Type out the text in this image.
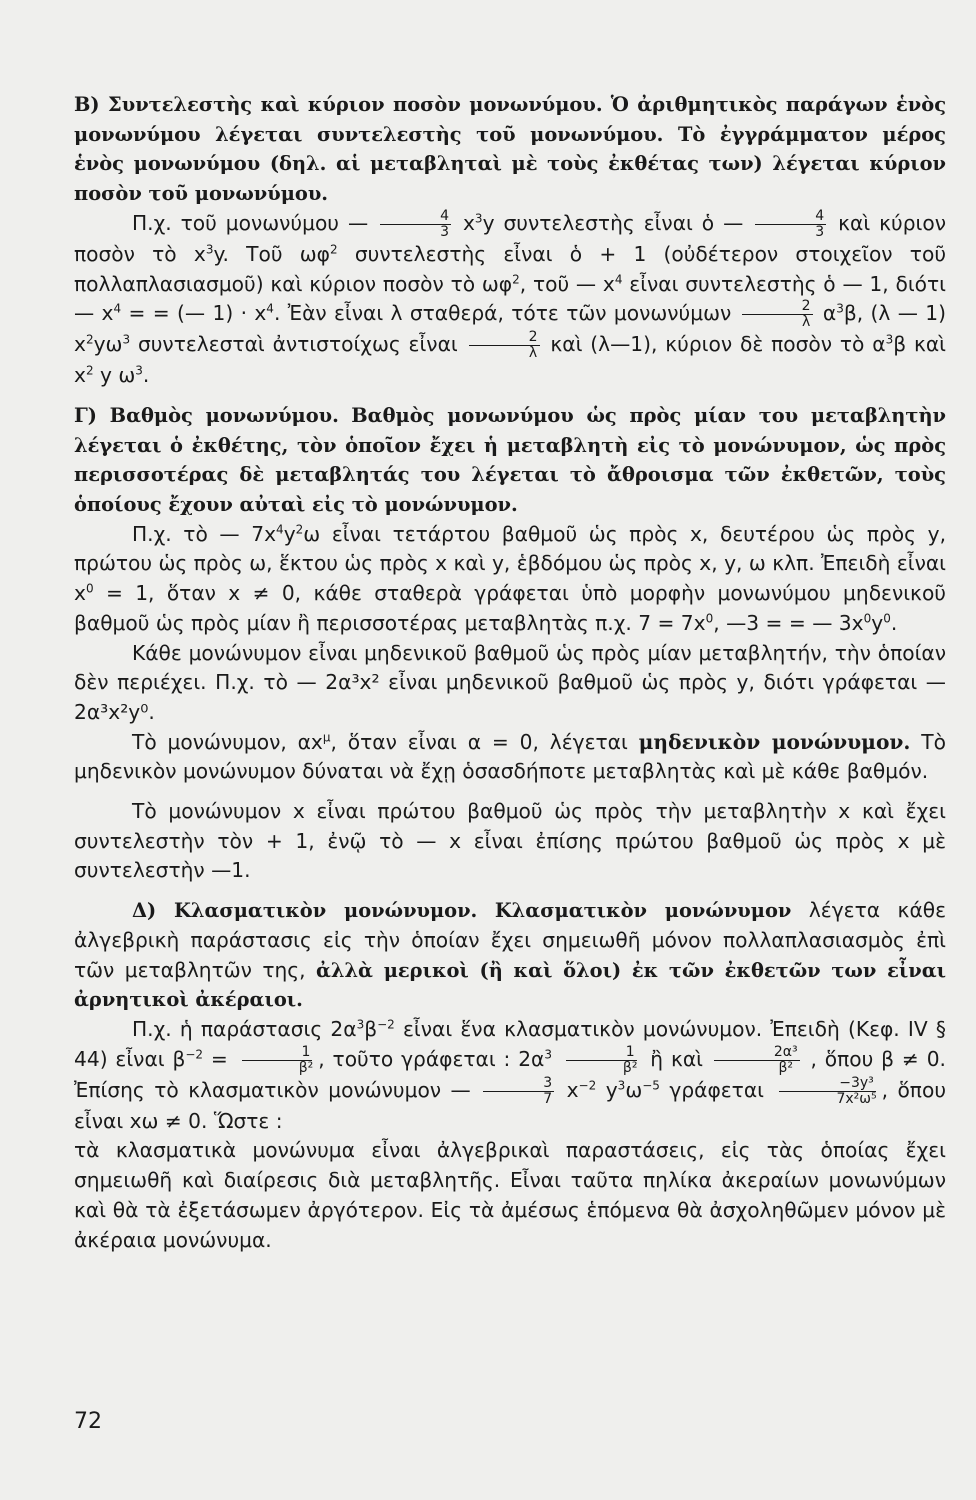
Β) Συντελεστὴς καὶ κύριον ποσὸν μονωνύμου. Ὁ ἀριθμητικὸς παράγων ἑνὸς μονωνύμου λέγεται συντελεστὴς τοῦ μονωνύμου. Τὸ ἐγγράμματον μέρος ἑνὸς μονωνύμου (δηλ. αἱ μεταβληταὶ μὲ τοὺς ἐκθέτας των) λέγεται κύριον ποσὸν τοῦ μονωνύμου.

Π.χ. τοῦ μονωνύμου — $\frac{4}{3} x^3y$ συντελεστὴς εἶναι ὁ — $\frac{4}{3}$ καὶ κύριον ποσὸν τὸ $x^3y$. Τοῦ $\omega\varphi^2$ συντελεστὴς εἶναι ὁ + 1 (οὐδέτερον στοιχεῖον τοῦ πολλαπλασιασμοῦ) καὶ κύριον ποσὸν τὸ $\omega\varphi^2$, τοῦ — $x^4$ εἶναι συντελεστὴς ὁ — 1, διότι — $x^4$ = = (— $1) \cdot x^4$. Ἐὰν εἶναι λ σταθερά, τότε τῶν μονωνύμων $\frac{2}{\lambda} \alpha^3\beta$, (λ — 1) $x^2y\omega^3$ συντελεσταὶ ἀντιστοίχως εἶναι $\frac{2}{\lambda}$ καὶ (λ—1), κύριον δὲ ποσὸν τὸ $\alpha^3\beta$ καὶ $x^2$ y $\omega^3$.

Γ) Βαθμὸς μονωνύμου. Βαθμὸς μονωνύμου ὡς πρὸς μίαν του μεταβλητὴν λέγεται ὁ ἐκθέτης, τὸν ὁποῖον ἔχει ἡ μεταβλητὴ εἰς τὸ μονώνυμον, ὡς πρὸς περισσοτέρας δὲ μεταβλητάς του λέγεται τὸ ἄθροισμα τῶν ἐκθετῶν, τοὺς ὁποίους ἔχουν αὐταὶ εἰς τὸ μονώνυμον.

Π.χ. τὸ — $7x^4y^2\omega$ εἶναι τετάρτου βαθμοῦ ὡς πρὸς x, δευτέρου ὡς πρὸς y, πρώτου ὡς πρὸς ω, ἕκτου ὡς πρὸς x καὶ y, ἑβδόμου ὡς πρὸς x, y, ω κλπ. Ἐπειδὴ εἶναι $x^0 = 1$, ὅταν x ≠ 0, κάθε σταθερὰ γράφεται ὑπὸ μορφὴν μονωνύμου μηδενικοῦ βαθμοῦ ὡς πρὸς μίαν ἢ περισσοτέρας μεταβλητὰς π.χ. $7 = 7x^0$, —3 = = — $3x^0y^0$.

Κάθε μονώνυμον εἶναι μηδενικοῦ βαθμοῦ ὡς πρὸς μίαν μεταβλητήν, τὴν ὁποίαν δὲν περιέχει. Π.χ. τὸ — 2α³x² εἶναι μηδενικοῦ βαθμοῦ ὡς πρὸς y, διότι γράφεται — 2α³x²y⁰.

Τὸ μονώνυμον, $\alpha x^\mu$, ὅταν εἶναι α = 0, λέγεται μηδενικὸν μονώνυμον. Τὸ μηδενικὸν μονώνυμον δύναται νὰ ἔχῃ ὁσασδήποτε μεταβλητὰς καὶ μὲ κάθε βαθμόν.

Τὸ μονώνυμον x εἶναι πρώτου βαθμοῦ ὡς πρὸς τὴν μεταβλητὴν x καὶ ἔχει συντελεστὴν τὸν + 1, ἐνῷ τὸ — x εἶναι ἐπίσης πρώτου βαθμοῦ ὡς πρὸς x μὲ συντελεστὴν —1.

Δ) Κλασματικὸν μονώνυμον. Κλασματικὸν μονώνυμον λέγετα κάθε ἀλγεβρικὴ παράστασις εἰς τὴν ὁποίαν ἔχει σημειωθῆ μόνον πολλαπλασιασμὸς ἐπὶ τῶν μεταβλητῶν της, ἀλλὰ μερικοὶ (ἢ καὶ ὅλοι) ἐκ τῶν ἐκθετῶν των εἶναι ἀρνητικοὶ ἀκέραιοι.

Π.χ. ἡ παράστασις $2\alpha^3\beta^{-2}$ εἶναι ἕνα κλασματικὸν μονώνυμον. Ἐπειδὴ (Κεφ. IV § 44) εἶναι $\beta^{-2} = \frac{1}{\text{β²}}$ , τοῦτο γράφεται : $2\alpha^3 \frac{1}{\text{β²}}$ ἢ καὶ $\frac{\text{2α³}}{\text{β²}}$ , ὅπου β ≠ 0. Ἐπίσης τὸ κλασματικὸν μονώνυμον — $\frac{3}{7} x^{-2}$ $y^3\omega^{-5}$ γράφεται $\frac{\text{−3y³}}{\text{7x²ω⁵}}$ , ὅπου εἶναι xω ≠ 0. Ὥστε :

τὰ κλασματικὰ μονώνυμα εἶναι ἀλγεβρικαὶ παραστάσεις, εἰς τὰς ὁποίας ἔχει σημειωθῆ καὶ διαίρεσις διὰ μεταβλητῆς. Εἶναι ταῦτα πηλίκα ἀκεραίων μονωνύμων καὶ θὰ τὰ ἐξετάσωμεν ἀργότερον. Εἰς τὰ ἀμέσως ἑπόμενα θὰ ἀσχοληθῶμεν μόνον μὲ ἀκέραια μονώνυμα.

72
